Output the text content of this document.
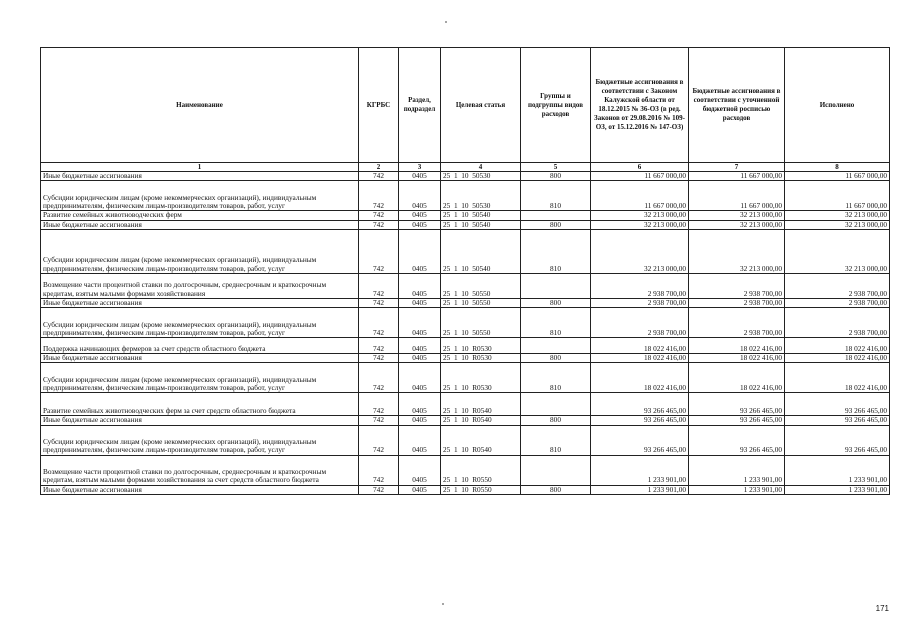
Наименование	КГРБС	Раздел, подраздел	Целевая статья	Группы и подгруппы видов расходов	Бюджетные ассигнования в соответствии с Законом Калужской области от 18.12.2015 № 36-ОЗ (в ред. Законов от 29.08.2016 № 109-ОЗ, от 15.12.2016 № 147-ОЗ)	Бюджетные ассигнования в соответствии с уточненной бюджетной росписью расходов	Исполнено
1	2	3	4	5	6	7	8
Иные бюджетные ассигнования	742	0405	25  1  10  50530	800	11 667 000,00	11 667 000,00	11 667 000,00
Субсидии юридическим лицам (кроме некоммерческих организаций), индивидуальным предпринимателям, физическим лицам-производителям товаров, работ, услуг	742	0405	25  1  10  50530	810	11 667 000,00	11 667 000,00	11 667 000,00
Развитие семейных животноводческих ферм	742	0405	25  1  10  50540		32 213 000,00	32 213 000,00	32 213 000,00
Иные бюджетные ассигнования	742	0405	25  1  10  50540	800	32 213 000,00	32 213 000,00	32 213 000,00
Субсидии юридическим лицам (кроме некоммерческих организаций), индивидуальным предпринимателям, физическим лицам-производителям товаров, работ, услуг	742	0405	25  1  10  50540	810	32 213 000,00	32 213 000,00	32 213 000,00
Возмещение части процентной ставки по долгосрочным, среднесрочным и краткосрочным кредитам, взятым малыми формами хозяйствования	742	0405	25  1  10  50550		2 938 700,00	2 938 700,00	2 938 700,00
Иные бюджетные ассигнования	742	0405	25  1  10  50550	800	2 938 700,00	2 938 700,00	2 938 700,00
Субсидии юридическим лицам (кроме некоммерческих организаций), индивидуальным предпринимателям, физическим лицам-производителям товаров, работ, услуг	742	0405	25  1  10  50550	810	2 938 700,00	2 938 700,00	2 938 700,00
Поддержка начинающих фермеров за счет средств областного бюджета	742	0405	25  1  10  R0530		18 022 416,00	18 022 416,00	18 022 416,00
Иные бюджетные ассигнования	742	0405	25  1  10  R0530	800	18 022 416,00	18 022 416,00	18 022 416,00
Субсидии юридическим лицам (кроме некоммерческих организаций), индивидуальным предпринимателям, физическим лицам-производителям товаров, работ, услуг	742	0405	25  1  10  R0530	810	18 022 416,00	18 022 416,00	18 022 416,00
Развитие семейных животноводческих ферм за счет средств областного бюджета	742	0405	25  1  10  R0540		93 266 465,00	93 266 465,00	93 266 465,00
Иные бюджетные ассигнования	742	0405	25  1  10  R0540	800	93 266 465,00	93 266 465,00	93 266 465,00
Субсидии юридическим лицам (кроме некоммерческих организаций), индивидуальным предпринимателям, физическим лицам-производителям товаров, работ, услуг	742	0405	25  1  10  R0540	810	93 266 465,00	93 266 465,00	93 266 465,00
Возмещение части процентной ставки по долгосрочным, среднесрочным и краткосрочным кредитам, взятым малыми формами хозяйствования за счет средств областного бюджета	742	0405	25  1  10  R0550		1 233 901,00	1 233 901,00	1 233 901,00
Иные бюджетные ассигнования	742	0405	25  1  10  R0550	800	1 233 901,00	1 233 901,00	1 233 901,00
171
